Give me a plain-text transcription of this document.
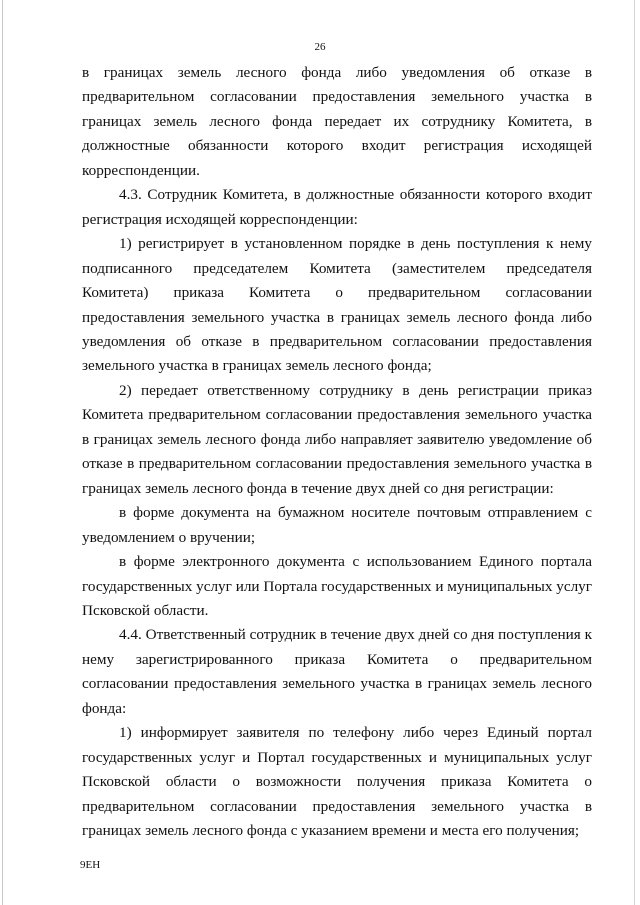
26

в границах земель лесного фонда либо уведомления об отказе в предварительном согласовании предоставления земельного участка в границах земель лесного фонда передает их сотруднику Комитета, в должностные обязанности которого входит регистрация исходящей корреспонденции.

4.3. Сотрудник Комитета, в должностные обязанности которого входит регистрация исходящей корреспонденции:

1) регистрирует в установленном порядке в день поступления к нему подписанного председателем Комитета (заместителем председателя Комитета) приказа Комитета о предварительном согласовании предоставления земельного участка в границах земель лесного фонда либо уведомления об отказе в предварительном согласовании предоставления земельного участка в границах земель лесного фонда;

2) передает ответственному сотруднику в день регистрации приказ Комитета предварительном согласовании предоставления земельного участка в границах земель лесного фонда либо направляет заявителю уведомление об отказе в предварительном согласовании предоставления земельного участка в границах земель лесного фонда в течение двух дней со дня регистрации:

в форме документа на бумажном носителе почтовым отправлением с уведомлением о вручении;

в форме электронного документа с использованием Единого портала государственных услуг или Портала государственных и муниципальных услуг Псковской области.

4.4. Ответственный сотрудник в течение двух дней со дня поступления к нему зарегистрированного приказа Комитета о предварительном согласовании предоставления земельного участка в границах земель лесного фонда:

1) информирует заявителя по телефону либо через Единый портал государственных услуг и Портал государственных и муниципальных услуг Псковской области о возможности получения приказа Комитета о предварительном согласовании предоставления земельного участка в границах земель лесного фонда с указанием времени и места его получения;

9ЕН
